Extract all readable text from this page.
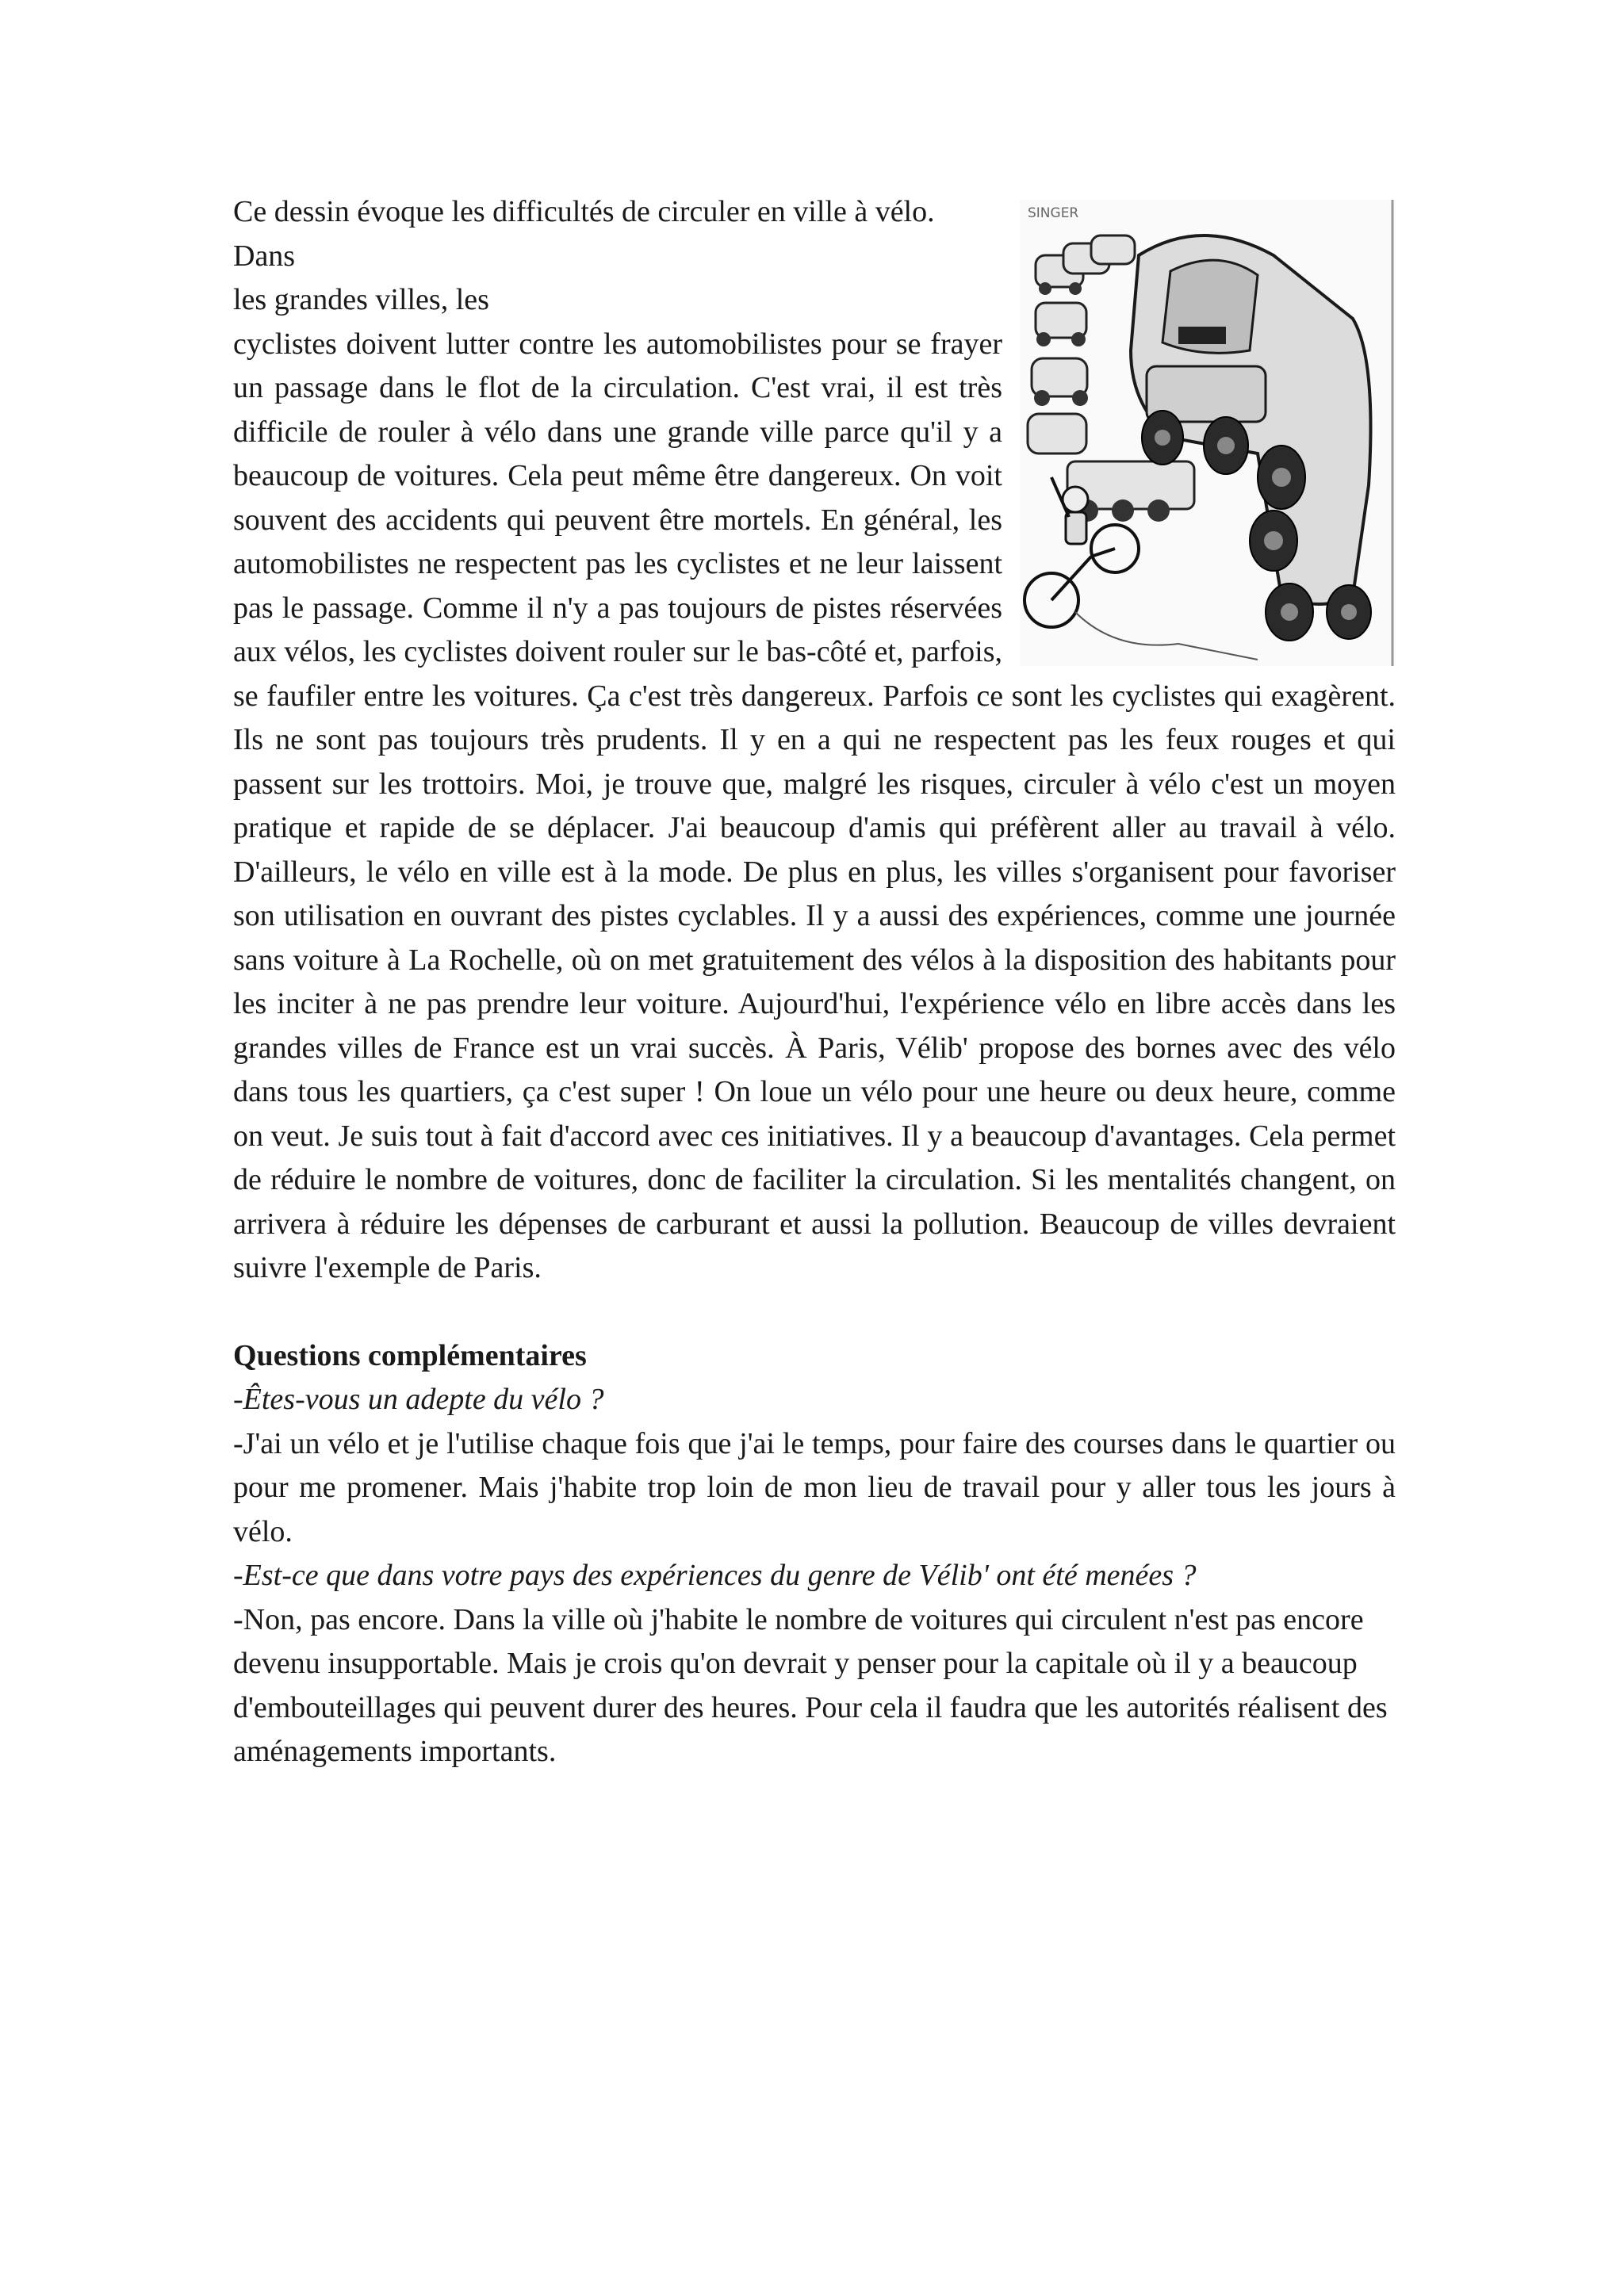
SINGER

Ce dessin évoque les difficultés de circuler en ville à vélo. Dans

les grandes villes, les

cyclistes doivent lutter contre les automobilistes pour se frayer un passage dans le flot de la circulation. C'est vrai, il est très difficile de rouler à vélo dans une grande ville parce qu'il y a beaucoup de voitures. Cela peut même être dangereux. On voit souvent des accidents qui peuvent être mortels. En général, les automobilistes ne respectent pas les cyclistes et ne leur laissent pas le passage. Comme il n'y a pas toujours de pistes réservées aux vélos, les cyclistes doivent rouler sur le bas-côté et, parfois, se faufiler entre les voitures. Ça c'est très dangereux. Parfois ce sont les cyclistes qui exagèrent. Ils ne sont pas toujours très prudents. Il y en a qui ne respectent pas les feux rouges et qui passent sur les trottoirs. Moi, je trouve que, malgré les risques, circuler à vélo c'est un moyen pratique et rapide de se déplacer. J'ai beaucoup d'amis qui préfèrent aller au travail à vélo. D'ailleurs, le vélo en ville est à la mode. De plus en plus, les villes s'organisent pour favoriser son utilisation en ouvrant des pistes cyclables. Il y a aussi des expériences, comme une journée sans voiture à La Rochelle, où on met gratuitement des vélos à la disposition des habitants pour les inciter à ne pas prendre leur voiture. Aujourd'hui, l'expérience vélo en libre accès dans les grandes villes de France est un vrai succès. À Paris, Vélib' propose des bornes avec des vélo dans tous les quartiers, ça c'est super ! On loue un vélo pour une heure ou deux heure, comme on veut. Je suis tout à fait d'accord avec ces initiatives. Il y a beaucoup d'avantages. Cela permet de réduire le nombre de voitures, donc de faciliter la circulation. Si les mentalités changent, on arrivera à réduire les dépenses de carburant et aussi la pollution. Beaucoup de villes devraient suivre l'exemple de Paris.

Questions complémentaires

-Êtes-vous un adepte du vélo ?

-J'ai un vélo et je l'utilise chaque fois que j'ai le temps, pour faire des courses dans le quartier ou pour me promener. Mais j'habite trop loin de mon lieu de travail pour y aller tous les jours à vélo.

-Est-ce que dans votre pays des expériences du genre de Vélib' ont été menées ?

-Non, pas encore. Dans la ville où j'habite le nombre de voitures qui circulent n'est pas encore devenu insupportable. Mais je crois qu'on devrait y penser pour la capitale où il y a beaucoup d'embouteillages qui peuvent durer des heures. Pour cela il faudra que les autorités réalisent des aménagements importants.
